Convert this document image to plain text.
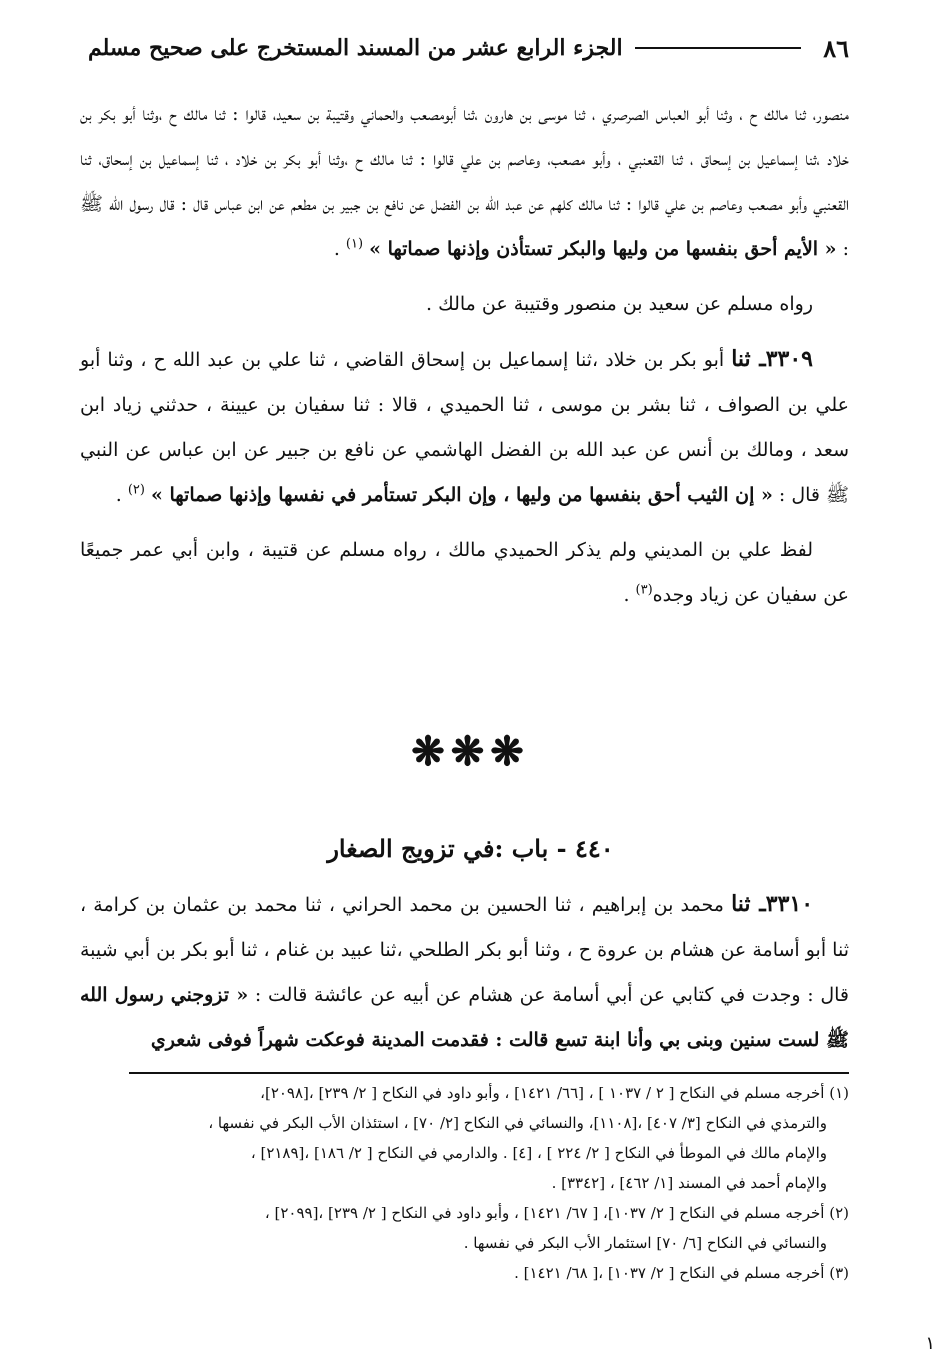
٨٦
الجزء الرابع عشر من المسند المستخرج على صحيح مسلم

منصور، ثنا مالك ح ، وثنا أبو العباس الصرصري ، ثنا موسى بن هارون ،ثنا أبومصعب والحماني وقتيبة بن سعيد، قالوا : ثنا مالك ح ،وثنا أبو بكر بن خلاد ،ثنا إسماعيل بن إسحاق ، ثنا القعنبي ، وأبو مصعب، وعاصم بن علي قالوا : ثنا مالك ح ،وثنا أبو بكر بن خلاد ، ثنا إسماعيل بن إسحاق، ثنا القعنبي وأبو مصعب وعاصم بن علي قالوا : ثنا مالك كلهم عن عبد الله بن الفضل عن نافع بن جبير بن مطعم عن ابن عباس قال : قال رسول الله ﷺ : « الأيم أحق بنفسها من وليها والبكر تستأذن وإذنها صماتها » $^{(١)}$ .

رواه مسلم عن سعيد بن منصور وقتيبة عن مالك .

٣٣٠٩ـ ثنا أبو بكر بن خلاد ،ثنا إسماعيل بن إسحاق القاضي ، ثنا علي بن عبد الله ح ، وثنا أبو علي بن الصواف ، ثنا بشر بن موسى ، ثنا الحميدي ، قالا : ثنا سفيان بن عيينة ، حدثني زياد ابن سعد ، ومالك بن أنس عن عبد الله بن الفضل الهاشمي عن نافع بن جبير عن ابن عباس عن النبي ﷺ قال : « إن الثيب أحق بنفسها من وليها ، وإن البكر تستأمر في نفسها وإذنها صماتها » $^{(٢)}$ .

لفظ علي بن المديني ولم يذكر الحميدي مالك ، رواه مسلم عن قتيبة ، وابن أبي عمر جميعًا عن سفيان عن زياد وجده$^{(٣)}$ .

❋❋❋
٤٤٠ - باب :في تزويج الصغار

٣٣١٠ـ ثنا محمد بن إبراهيم ، ثنا الحسين بن محمد الحراني ، ثنا محمد بن عثمان بن كرامة ، ثنا أبو أسامة عن هشام بن عروة ح ، وثنا أبو بكر الطلحي ،ثنا عبيد بن غنام ، ثنا أبو بكر بن أبي شيبة قال : وجدت في كتابي عن أبي أسامة عن هشام عن أبيه عن عائشة قالت : « تزوجني رسول الله ﷺ لست سنين وبنى بي وأنا ابنة تسع قالت : فقدمت المدينة فوعكت شهراً فوفى شعري

(١) أخرجه مسلم في النكاح [ ٢ / ١٠٣٧ ] ، [٦٦/ ١٤٢١] ، وأبو داود في النكاح [ ٢/ ٢٣٩] ،[٢٠٩٨]،

والترمذي في النكاح [٣/ ٤٠٧] ،[١١٠٨]، والنسائي في النكاح [٢/ ٧٠] ، استئذان الأب البكر في نفسها ،

والإمام مالك في الموطأ في النكاح [ ٢/ ٢٢٤ ] ، [٤] . والدارمي في النكاح [ ٢/ ١٨٦] ،[٢١٨٩] ،

والإمام أحمد في المسند [١/ ٤٦٢] ، [٣٣٤٢] .

(٢) أخرجه مسلم في النكاح [ ٢/ ١٠٣٧]، [ ٦٧/ ١٤٢١] ، وأبو داود في النكاح [ ٢/ ٢٣٩] ،[٢٠٩٩] ،

والنسائي في النكاح [٦/ ٧٠] استئمار الأب البكر في نفسها .

(٣) أخرجه مسلم في النكاح [ ٢/ ١٠٣٧] ،[ ٦٨/ ١٤٢١] .

١
